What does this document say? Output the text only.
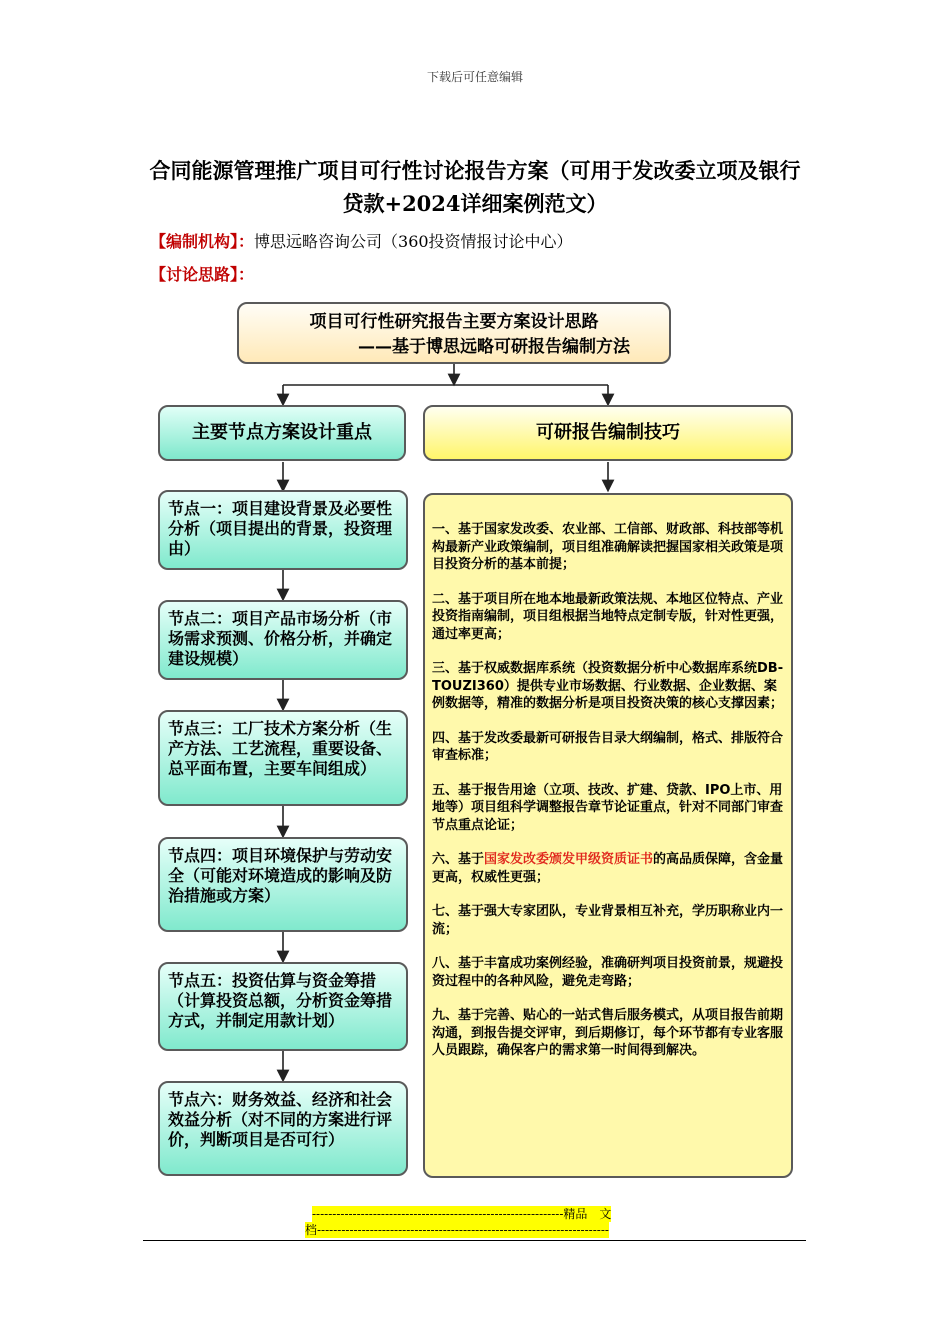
下载后可任意编辑
合同能源管理推广项目可行性讨论报告方案（可用于发改委立项及银行贷款+2024详细案例范文）
【编制机构】：博思远略咨询公司（360投资情报讨论中心）
【讨论思路】：
项目可行性研究报告主要方案设计思路
——基于博思远略可研报告编制方法
主要节点方案设计重点	可研报告编制技巧
节点一：项目建设背景及必要性分析（项目提出的背景，投资理由）
节点二：项目产品市场分析（市场需求预测、价格分析，并确定建设规模）
节点三：工厂技术方案分析（生产方法、工艺流程，重要设备、总平面布置，主要车间组成）
节点四：项目环境保护与劳动安全（可能对环境造成的影响及防治措施或方案）
节点五：投资估算与资金筹措（计算投资总额，分析资金筹措方式，并制定用款计划）
节点六：财务效益、经济和社会效益分析（对不同的方案进行评价，判断项目是否可行）
一、基于国家发改委、农业部、工信部、财政部、科技部等机构最新产业政策编制，项目组准确解读把握国家相关政策是项目投资分析的基本前提；
二、基于项目所在地本地最新政策法规、本地区位特点、产业投资指南编制，项目组根据当地特点定制专版，针对性更强，通过率更高；
三、基于权威数据库系统（投资数据分析中心数据库系统DB-TOUZI360）提供专业市场数据、行业数据、企业数据、案例数据等，精准的数据分析是项目投资决策的核心支撑因素；
四、基于发改委最新可研报告目录大纲编制，格式、排版符合审查标准；
五、基于报告用途（立项、技改、扩建、贷款、IPO上市、用地等）项目组科学调整报告章节论证重点，针对不同部门审查节点重点论证；
六、基于国家发改委颁发甲级资质证书的高品质保障，含金量更高，权威性更强；
七、基于强大专家团队，专业背景相互补充，学历职称业内一流；
八、基于丰富成功案例经验，准确研判项目投资前景，规避投资过程中的各种风险，避免走弯路；
九、基于完善、贴心的一站式售后服务模式，从项目报告前期沟通，到报告提交评审，到后期修订，每个环节都有专业客服人员跟踪，确保客户的需求第一时间得到解决。
--------------------------------------------------------------精品　文
档------------------------------------------------------------------------
